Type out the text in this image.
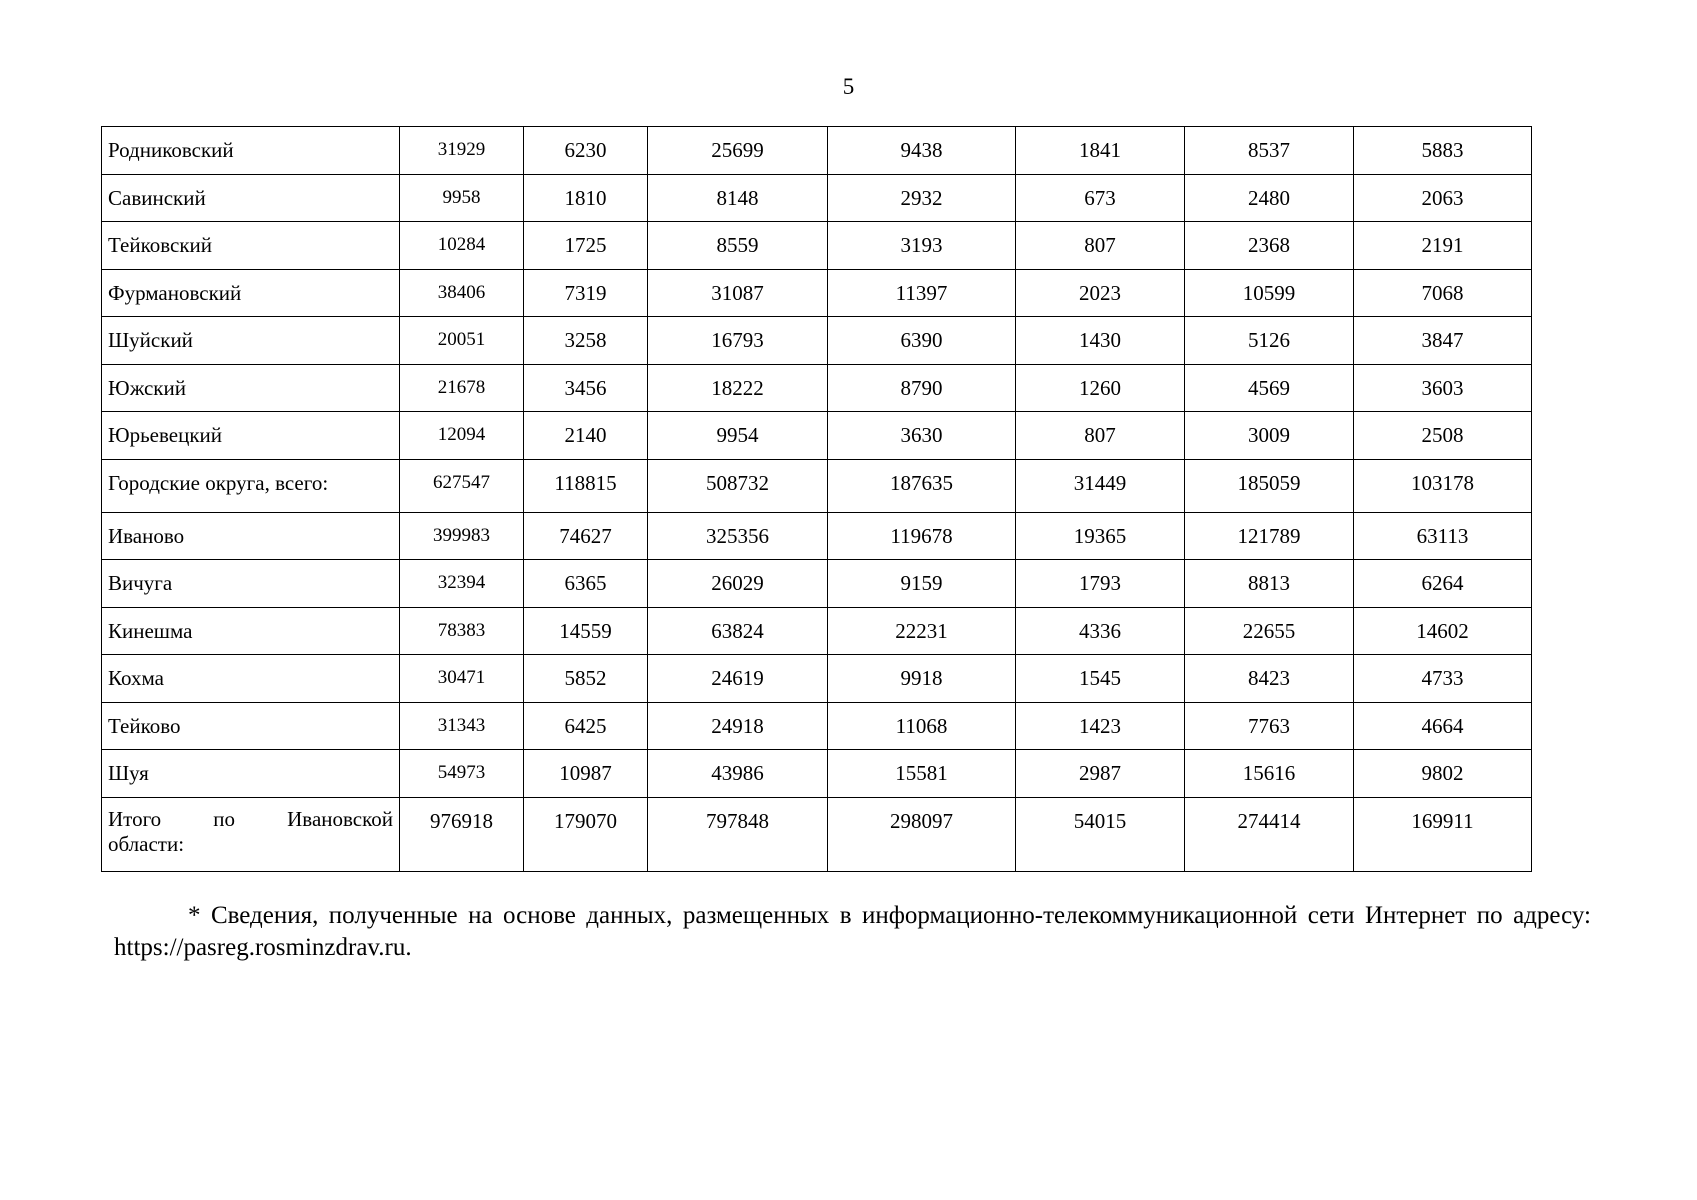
5
Родниковский	31929	6230	25699	9438	1841	8537	5883
Савинский	9958	1810	8148	2932	673	2480	2063
Тейковский	10284	1725	8559	3193	807	2368	2191
Фурмановский	38406	7319	31087	11397	2023	10599	7068
Шуйский	20051	3258	16793	6390	1430	5126	3847
Южский	21678	3456	18222	8790	1260	4569	3603
Юрьевецкий	12094	2140	9954	3630	807	3009	2508
Городские округа, всего:	627547	118815	508732	187635	31449	185059	103178
Иваново	399983	74627	325356	119678	19365	121789	63113
Вичуга	32394	6365	26029	9159	1793	8813	6264
Кинешма	78383	14559	63824	22231	4336	22655	14602
Кохма	30471	5852	24619	9918	1545	8423	4733
Тейково	31343	6425	24918	11068	1423	7763	4664
Шуя	54973	10987	43986	15581	2987	15616	9802

Итого по Ивановской
области:	976918	179070	797848	298097	54015	274414	169911
* Сведения, полученные на основе данных, размещенных в информационно-телекоммуникационной сети Интернет по адресу: https://pasreg.rosminzdrav.ru.
